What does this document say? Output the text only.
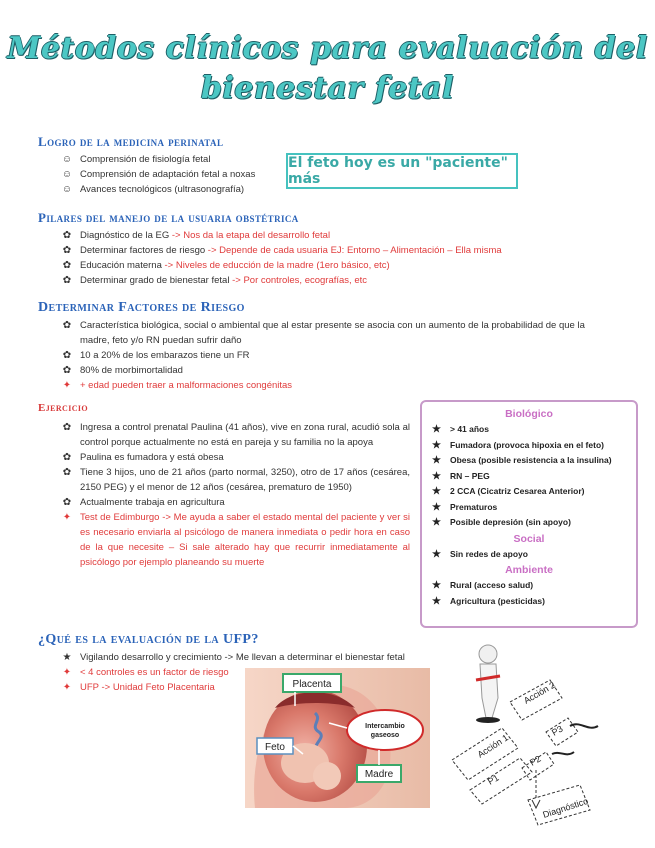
Métodos clínicos para evaluación del
bienestar fetal
Logro de la medicina perinatal
☺ Comprensión de fisiología fetal
☺ Comprensión de adaptación fetal a noxas
☺ Avances tecnológicos (ultrasonografía)
El feto hoy es un "paciente" más
Pilares del manejo de la usuaria obstétrica
✿ Diagnóstico de la EG -> Nos da la etapa del desarrollo fetal
✿ Determinar factores de riesgo -> Depende de cada usuaria EJ: Entorno – Alimentación – Ella misma
✿ Educación materna -> Niveles de educción de la madre (1ero básico, etc)
✿ Determinar grado de bienestar fetal -> Por controles, ecografías, etc
Determinar Factores de Riesgo
✿ Característica biológica, social o ambiental que al estar presente se asocia con un aumento de la probabilidad de que la
madre, feto y/o RN puedan sufrir daño
✿ 10 a 20% de los embarazos tiene un FR
✿ 80% de morbimortalidad
✦ + edad pueden traer a malformaciones congénitas
Ejercicio
✿ Ingresa a control prenatal Paulina (41 años), vive en zona rural, acudió sola al control porque actualmente no está en pareja y su familia no la apoya
✿ Paulina es fumadora y está obesa
✿ Tiene 3 hijos, uno de 21 años (parto normal, 3250), otro de 17 años (cesárea, 2150 PEG) y el menor de 12 años (cesárea, prematuro de 1950)
✿ Actualmente trabaja en agricultura
✦ Test de Edimburgo -> Me ayuda a saber el estado mental del paciente y ver si es necesario enviarla al psicólogo de manera inmediata o pedir hora en caso de la que necesite – Si sale alterado hay que recurrir inmediatamente al psicólogo por ejemplo planeando su muerte
Biológico
★ > 41 años
★ Fumadora (provoca hipoxia en el feto)
★ Obesa (posible resistencia a la insulina)
★ RN – PEG
★ 2 CCA (Cicatriz Cesarea Anterior)
★ Prematuros
★ Posible depresión (sin apoyo)
Social
★ Sin redes de apoyo
Ambiente
★ Rural (acceso salud)
★ Agricultura (pesticidas)
¿Qué es la evaluación de la UFP?
★ Vigilando desarrollo y crecimiento -> Me llevan a determinar el bienestar fetal
✦ < 4 controles es un factor de riesgo
✦ UFP -> Unidad Feto Placentaria	Placenta
Intercambio
gaseoso
Feto
Madre
Acción 1
Acción 2
P1
P2
P3
Diagnóstico
